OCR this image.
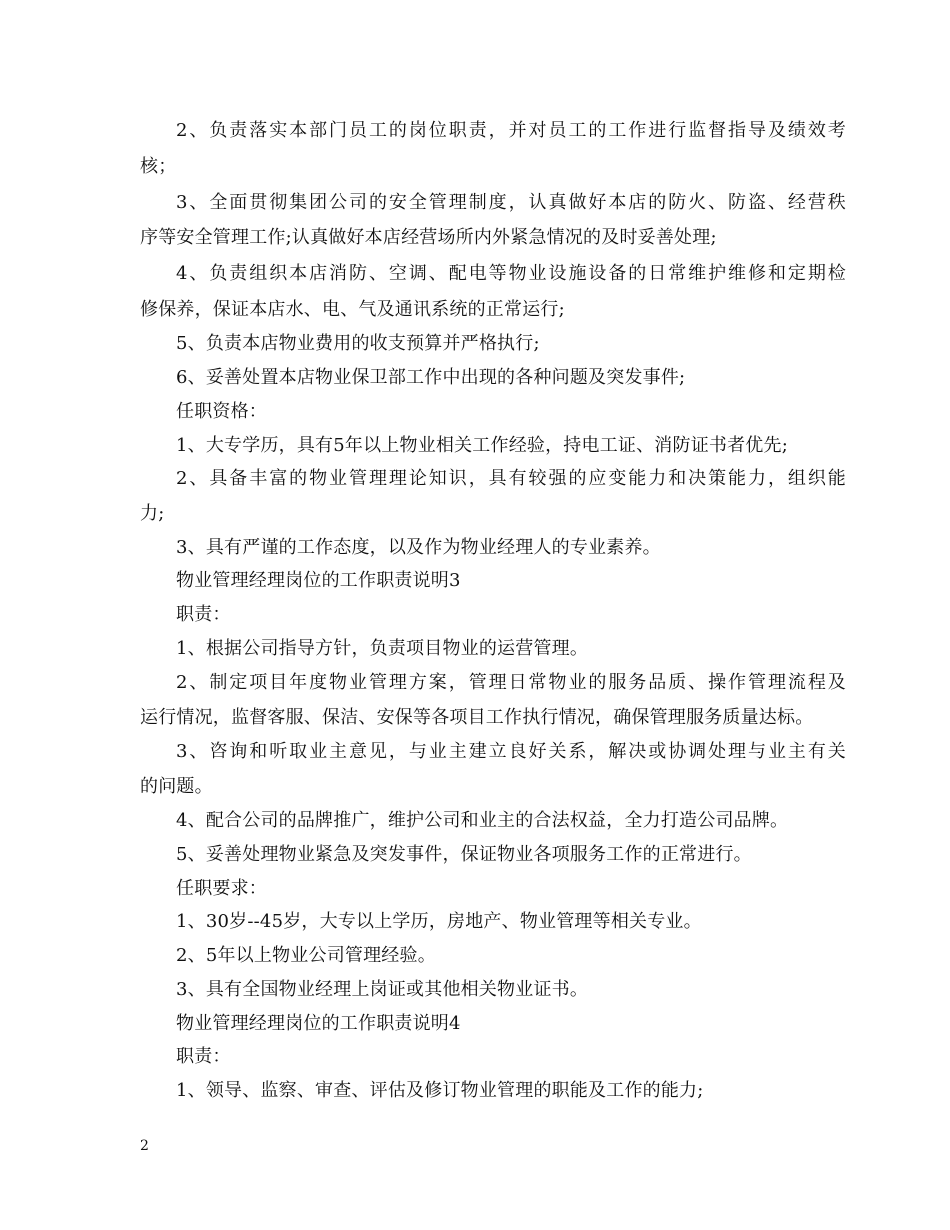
2、负责落实本部门员工的岗位职责，并对员工的工作进行监督指导及绩效考
核；
3、全面贯彻集团公司的安全管理制度，认真做好本店的防火、防盗、经营秩
序等安全管理工作;认真做好本店经营场所内外紧急情况的及时妥善处理;
4、负责组织本店消防、空调、配电等物业设施设备的日常维护维修和定期检
修保养，保证本店水、电、气及通讯系统的正常运行;
5、负责本店物业费用的收支预算并严格执行;
6、妥善处置本店物业保卫部工作中出现的各种问题及突发事件;
任职资格：
1、大专学历，具有5年以上物业相关工作经验，持电工证、消防证书者优先;
2、具备丰富的物业管理理论知识，具有较强的应变能力和决策能力，组织能
力;
3、具有严谨的工作态度，以及作为物业经理人的专业素养。
物业管理经理岗位的工作职责说明3
职责：
1、根据公司指导方针，负责项目物业的运营管理。
2、制定项目年度物业管理方案，管理日常物业的服务品质、操作管理流程及
运行情况，监督客服、保洁、安保等各项目工作执行情况，确保管理服务质量达标。
3、咨询和听取业主意见，与业主建立良好关系，解决或协调处理与业主有关
的问题。
4、配合公司的品牌推广，维护公司和业主的合法权益，全力打造公司品牌。
5、妥善处理物业紧急及突发事件，保证物业各项服务工作的正常进行。
任职要求：
1、30岁--45岁，大专以上学历，房地产、物业管理等相关专业。
2、5年以上物业公司管理经验。
3、具有全国物业经理上岗证或其他相关物业证书。
物业管理经理岗位的工作职责说明4
职责：
1、领导、监察、审查、评估及修订物业管理的职能及工作的能力;
2
